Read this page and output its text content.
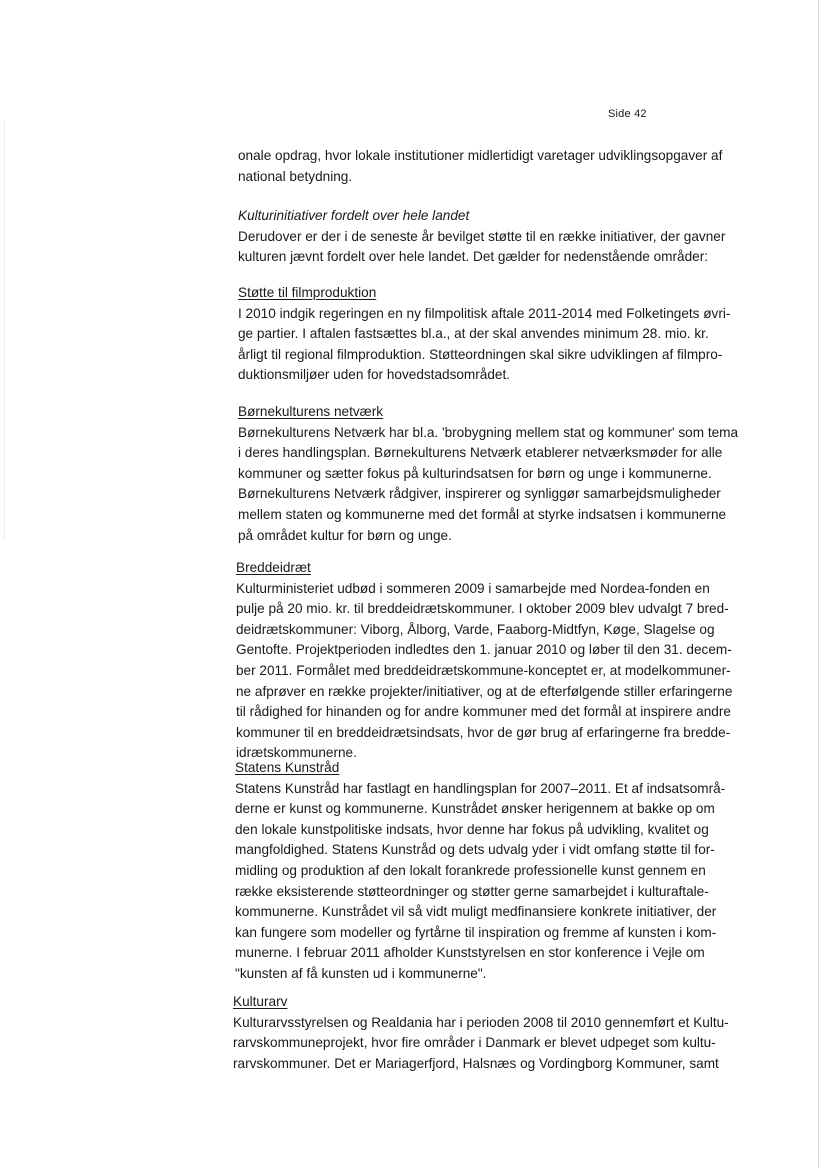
Side 42

onale opdrag, hvor lokale institutioner midlertidigt varetager udviklingsopgaver af

national betydning.

Kulturinitiativer fordelt over hele landet

Derudover er der i de seneste år bevilget støtte til en række initiativer, der gavner

kulturen jævnt fordelt over hele landet. Det gælder for nedenstående områder:

Støtte til filmproduktion

I 2010 indgik regeringen en ny filmpolitisk aftale 2011-2014 med Folketingets øvri-

ge partier. I aftalen fastsættes bl.a., at der skal anvendes minimum 28. mio. kr.

årligt til regional filmproduktion. Støtteordningen skal sikre udviklingen af filmpro-

duktionsmiljøer uden for hovedstadsområdet.

Børnekulturens netværk

Børnekulturens Netværk har bl.a. 'brobygning mellem stat og kommuner' som tema

i deres handlingsplan. Børnekulturens Netværk etablerer netværksmøder for alle

kommuner og sætter fokus på kulturindsatsen for børn og unge i kommunerne.

Børnekulturens Netværk rådgiver, inspirerer og synliggør samarbejdsmuligheder

mellem staten og kommunerne med det formål at styrke indsatsen i kommunerne

på området kultur for børn og unge.

Breddeidræt

Kulturministeriet udbød i sommeren 2009 i samarbejde med Nordea-fonden en

pulje på 20 mio. kr. til breddeidrætskommuner. I oktober 2009 blev udvalgt 7 bred-

deidrætskommuner: Viborg, Ålborg, Varde, Faaborg-Midtfyn, Køge, Slagelse og

Gentofte. Projektperioden indledtes den 1. januar 2010 og løber til den 31. decem-

ber 2011. Formålet med breddeidrætskommune-konceptet er, at modelkommuner-

ne afprøver en række projekter/initiativer, og at de efterfølgende stiller erfaringerne

til rådighed for hinanden og for andre kommuner med det formål at inspirere andre

kommuner til en breddeidrætsindsats, hvor de gør brug af erfaringerne fra bredde-

idrætskommunerne.

Statens Kunstråd

Statens Kunstråd har fastlagt en handlingsplan for 2007–2011. Et af indsatsområ-

derne er kunst og kommunerne. Kunstrådet ønsker herigennem at bakke op om

den lokale kunstpolitiske indsats, hvor denne har fokus på udvikling, kvalitet og

mangfoldighed. Statens Kunstråd og dets udvalg yder i vidt omfang støtte til for-

midling og produktion af den lokalt forankrede professionelle kunst gennem en

række eksisterende støtteordninger og støtter gerne samarbejdet i kulturaftale-

kommunerne. Kunstrådet vil så vidt muligt medfinansiere konkrete initiativer, der

kan fungere som modeller og fyrtårne til inspiration og fremme af kunsten i kom-

munerne. I februar 2011 afholder Kunststyrelsen en stor konference i Vejle om

"kunsten af få kunsten ud i kommunerne".

Kulturarv

Kulturarvsstyrelsen og Realdania har i perioden 2008 til 2010 gennemført et Kultu-

rarvskommuneprojekt, hvor fire områder i Danmark er blevet udpeget som kultu-

rarvskommuner. Det er Mariagerfjord, Halsnæs og Vordingborg Kommuner, samt
